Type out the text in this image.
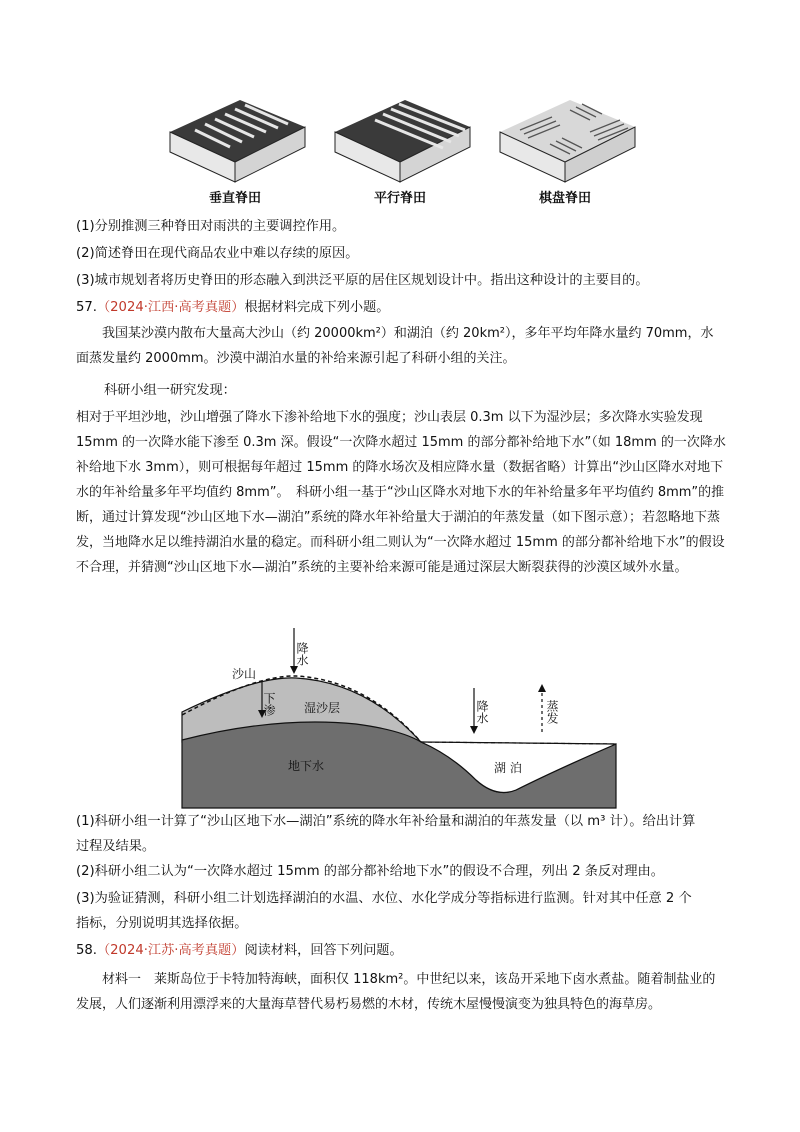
垂直脊田	平行脊田	棋盘脊田
(1)分别推测三种脊田对雨洪的主要调控作用。
(2)简述脊田在现代商品农业中难以存续的原因。
(3)城市规划者将历史脊田的形态融入到洪泛平原的居住区规划设计中。指出这种设计的主要目的。
57.（2024·江西·高考真题）根据材料完成下列小题。
我国某沙漠内散布大量高大沙山（约 20000km²）和湖泊（约 20km²），多年平均年降水量约 70mm，水面蒸发量约 2000mm。沙漠中湖泊水量的补给来源引起了科研小组的关注。
科研小组一研究发现：
相对于平坦沙地，沙山增强了降水下渗补给地下水的强度；沙山表层 0.3m 以下为湿沙层；多次降水实验发现 15mm 的一次降水能下渗至 0.3m 深。假设“一次降水超过 15mm 的部分都补给地下水”（如 18mm 的一次降水补给地下水 3mm），则可根据每年超过 15mm 的降水场次及相应降水量（数据省略）计算出“沙山区降水对地下水的年补给量多年平均值约 8mm”。　科研小组一基于“沙山区降水对地下水的年补给量多年平均值约 8mm”的推断，通过计算发现“沙山区地下水—湖泊”系统的降水年补给量大于湖泊的年蒸发量（如下图示意）；若忽略地下蒸发，当地降水足以维持湖泊水量的稳定。而科研小组二则认为“一次降水超过 15mm 的部分都补给地下水”的假设不合理，并猜测“沙山区地下水—湖泊”系统的主要补给来源可能是通过深层大断裂获得的沙漠区域外水量。
降水
沙山
下渗 湿沙层
地下水
降水	蒸发
湖 泊
(1)科研小组一计算了“沙山区地下水—湖泊”系统的降水年补给量和湖泊的年蒸发量（以 m³ 计）。给出计算
过程及结果。
(2)科研小组二认为“一次降水超过 15mm 的部分都补给地下水”的假设不合理，列出 2 条反对理由。
(3)为验证猜测，科研小组二计划选择湖泊的水温、水位、水化学成分等指标进行监测。针对其中任意 2 个
指标，分别说明其选择依据。
58.（2024·江苏·高考真题）阅读材料，回答下列问题。
材料一　莱斯岛位于卡特加特海峡，面积仅 118km²。中世纪以来，该岛开采地下卤水煮盐。随着制盐业的发展，人们逐渐利用漂浮来的大量海草替代易朽易燃的木材，传统木屋慢慢演变为独具特色的海草房。
